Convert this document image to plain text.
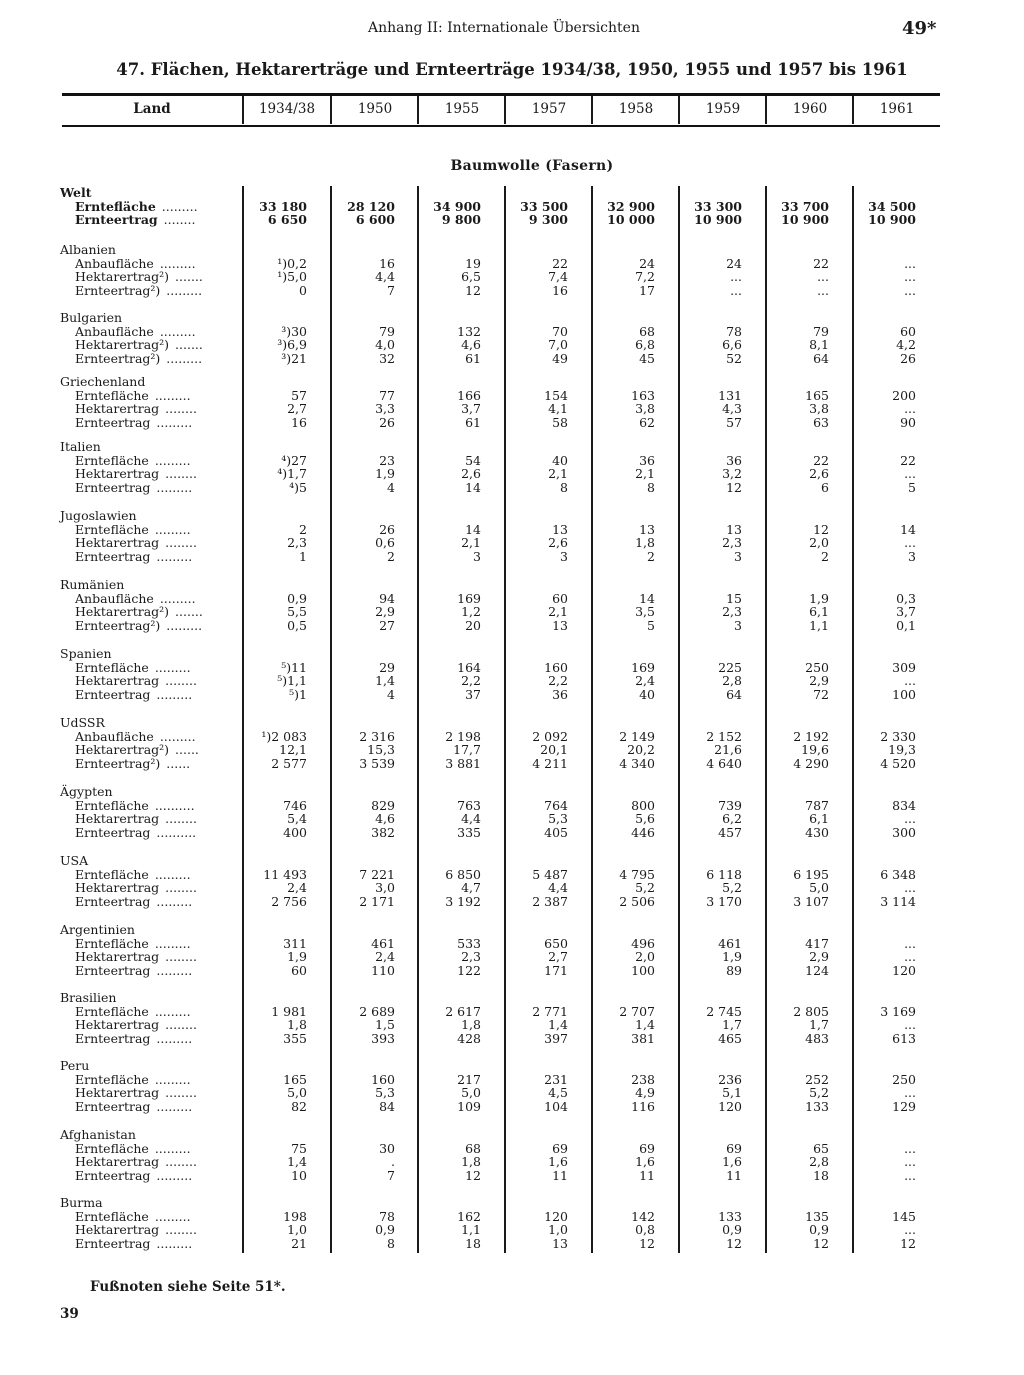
Anhang II: Internationale Übersichten	49*
47. Flächen, Hektarerträge und Ernteerträge 1934/38, 1950, 1955 und 1957 bis 1961
Land	1934/38	1950	1955	1957	1958	1959	1960	1961
Baumwolle (Fasern)
Welt
Erntefläche .........	33 180	28 120	34 900	33 500	32 900	33 300	33 700	34 500
Ernteertrag ........	6 650	6 600	9 800	9 300	10 000	10 900	10 900	10 900
Albanien
Anbaufläche .........	¹)0,2	16	19	22	24	24	22	...
Hektarertrag²) .......	¹)5,0	4,4	6,5	7,4	7,2	...	...	...
Ernteertrag²) .........	0	7	12	16	17	...	...	...
Bulgarien
Anbaufläche .........	³)30	79	132	70	68	78	79	60
Hektarertrag²) .......	³)6,9	4,0	4,6	7,0	6,8	6,6	8,1	4,2
Ernteertrag²) .........	³)21	32	61	49	45	52	64	26
Griechenland
Erntefläche .........	57	77	166	154	163	131	165	200
Hektarertrag ........	2,7	3,3	3,7	4,1	3,8	4,3	3,8	...
Ernteertrag .........	16	26	61	58	62	57	63	90
Italien
Erntefläche .........	⁴)27	23	54	40	36	36	22	22
Hektarertrag ........	⁴)1,7	1,9	2,6	2,1	2,1	3,2	2,6	...
Ernteertrag .........	⁴)5	4	14	8	8	12	6	5
Jugoslawien
Erntefläche .........	2	26	14	13	13	13	12	14
Hektarertrag ........	2,3	0,6	2,1	2,6	1,8	2,3	2,0	...
Ernteertrag .........	1	2	3	3	2	3	2	3
Rumänien
Anbaufläche .........	0,9	94	169	60	14	15	1,9	0,3
Hektarertrag²) .......	5,5	2,9	1,2	2,1	3,5	2,3	6,1	3,7
Ernteertrag²) .........	0,5	27	20	13	5	3	1,1	0,1
Spanien
Erntefläche .........	⁵)11	29	164	160	169	225	250	309
Hektarertrag ........	⁵)1,1	1,4	2,2	2,2	2,4	2,8	2,9	...
Ernteertrag .........	⁵)1	4	37	36	40	64	72	100
UdSSR
Anbaufläche .........	¹)2 083	2 316	2 198	2 092	2 149	2 152	2 192	2 330
Hektarertrag²) ......	12,1	15,3	17,7	20,1	20,2	21,6	19,6	19,3
Ernteertrag²) ......	2 577	3 539	3 881	4 211	4 340	4 640	4 290	4 520
Ägypten
Erntefläche ..........	746	829	763	764	800	739	787	834
Hektarertrag ........	5,4	4,6	4,4	5,3	5,6	6,2	6,1	...
Ernteertrag ..........	400	382	335	405	446	457	430	300
USA
Erntefläche .........	11 493	7 221	6 850	5 487	4 795	6 118	6 195	6 348
Hektarertrag ........	2,4	3,0	4,7	4,4	5,2	5,2	5,0	...
Ernteertrag .........	2 756	2 171	3 192	2 387	2 506	3 170	3 107	3 114
Argentinien
Erntefläche .........	311	461	533	650	496	461	417	...
Hektarertrag ........	1,9	2,4	2,3	2,7	2,0	1,9	2,9	...
Ernteertrag .........	60	110	122	171	100	89	124	120
Brasilien
Erntefläche .........	1 981	2 689	2 617	2 771	2 707	2 745	2 805	3 169
Hektarertrag ........	1,8	1,5	1,8	1,4	1,4	1,7	1,7	...
Ernteertrag .........	355	393	428	397	381	465	483	613
Peru
Erntefläche .........	165	160	217	231	238	236	252	250
Hektarertrag ........	5,0	5,3	5,0	4,5	4,9	5,1	5,2	...
Ernteertrag .........	82	84	109	104	116	120	133	129
Afghanistan
Erntefläche .........	75	30	68	69	69	69	65	...
Hektarertrag ........	1,4	.	1,8	1,6	1,6	1,6	2,8	...
Ernteertrag .........	10	7	12	11	11	11	18	...
Burma
Erntefläche .........	198	78	162	120	142	133	135	145
Hektarertrag ........	1,0	0,9	1,1	1,0	0,8	0,9	0,9	...
Ernteertrag .........	21	8	18	13	12	12	12	12
Fußnoten siehe Seite 51*.
39
